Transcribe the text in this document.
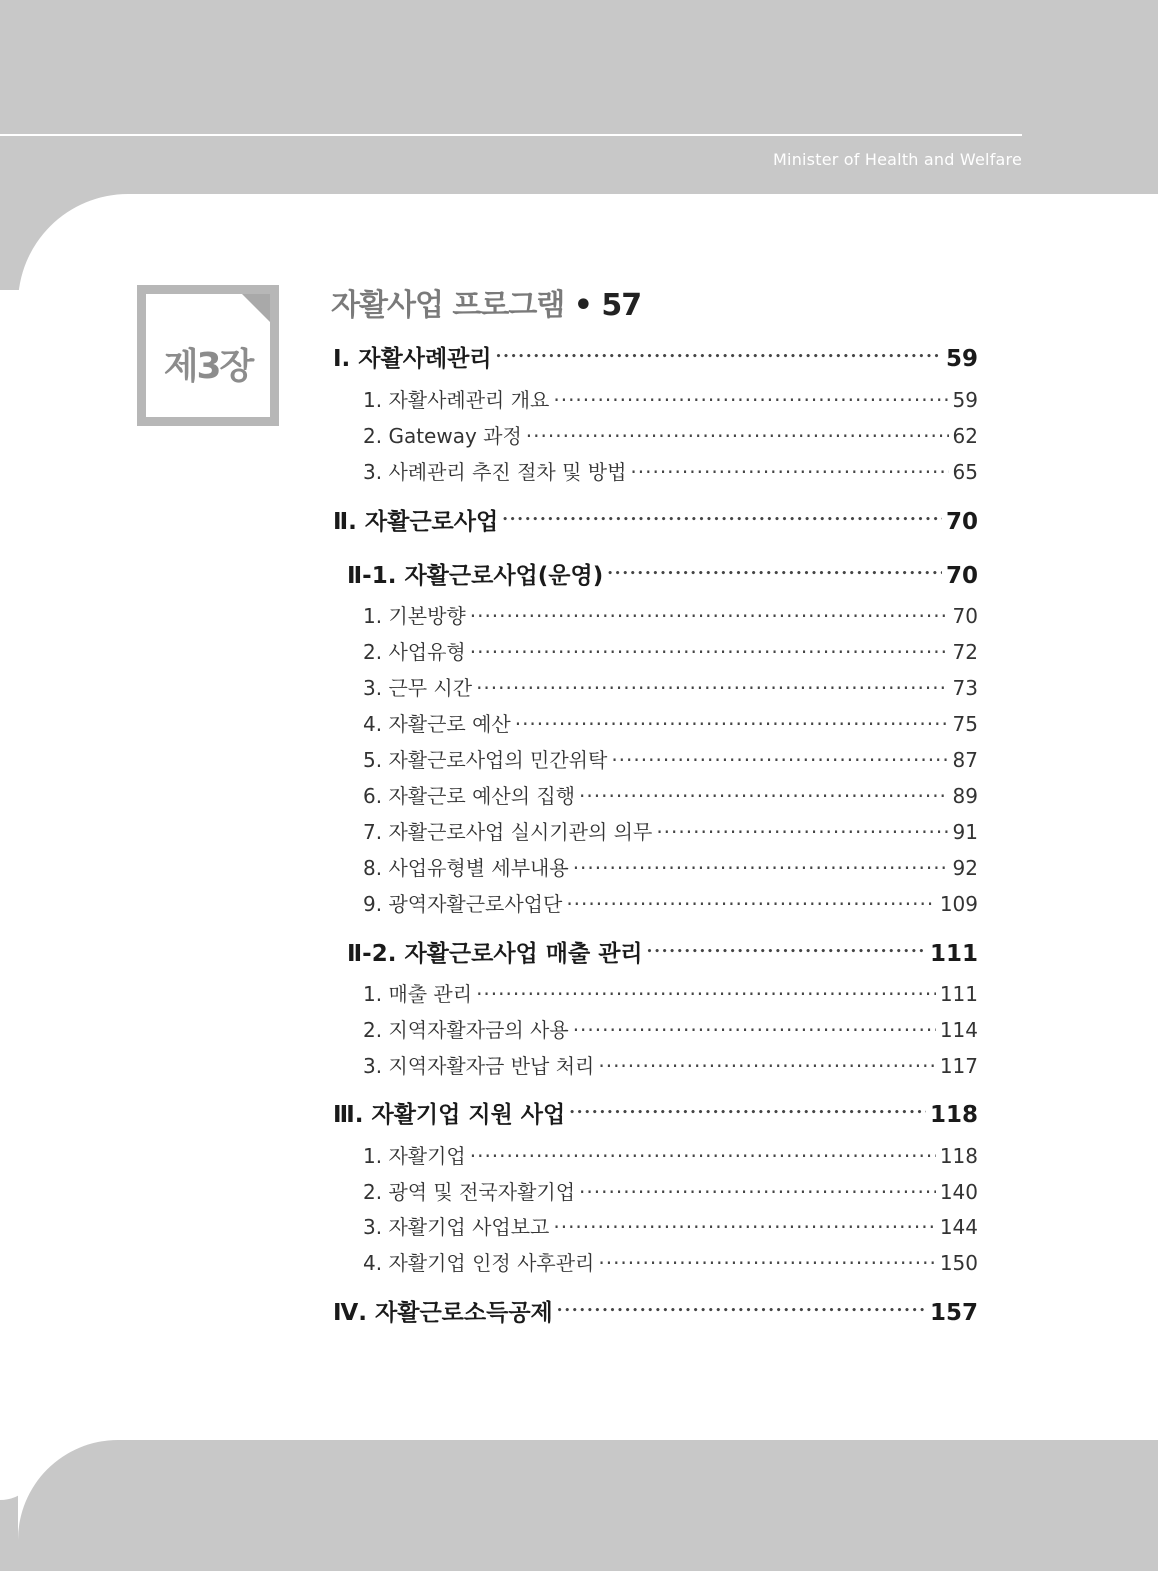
Minister of Health and Welfare
제3장
자활사업 프로그램 • 57
Ⅰ. 자활사례관리 •••••	59
1. 자활사례관리 개요 ·····	59
2. Gateway 과정 ·····	62
3. 사례관리 추진 절차 및 방법 ·····	65
Ⅱ. 자활근로사업 •••••	70
Ⅱ-1. 자활근로사업(운영) •••••	70
1. 기본방향 ·····	70
2. 사업유형 ·····	72
3. 근무 시간 ·····	73
4. 자활근로 예산 ·····	75
5. 자활근로사업의 민간위탁 ·····	87
6. 자활근로 예산의 집행 ·····	89
7. 자활근로사업 실시기관의 의무 ·····	91
8. 사업유형별 세부내용 ·····	92
9. 광역자활근로사업단 ·····	109
Ⅱ-2. 자활근로사업 매출 관리 •••••	111
1. 매출 관리 ·····	111
2. 지역자활자금의 사용 ·····	114
3. 지역자활자금 반납 처리 ·····	117
Ⅲ. 자활기업 지원 사업 •••••	118
1. 자활기업 ·····	118
2. 광역 및 전국자활기업 ·····	140
3. 자활기업 사업보고 ·····	144
4. 자활기업 인정 사후관리 ·····	150
Ⅳ. 자활근로소득공제 •••••	157
